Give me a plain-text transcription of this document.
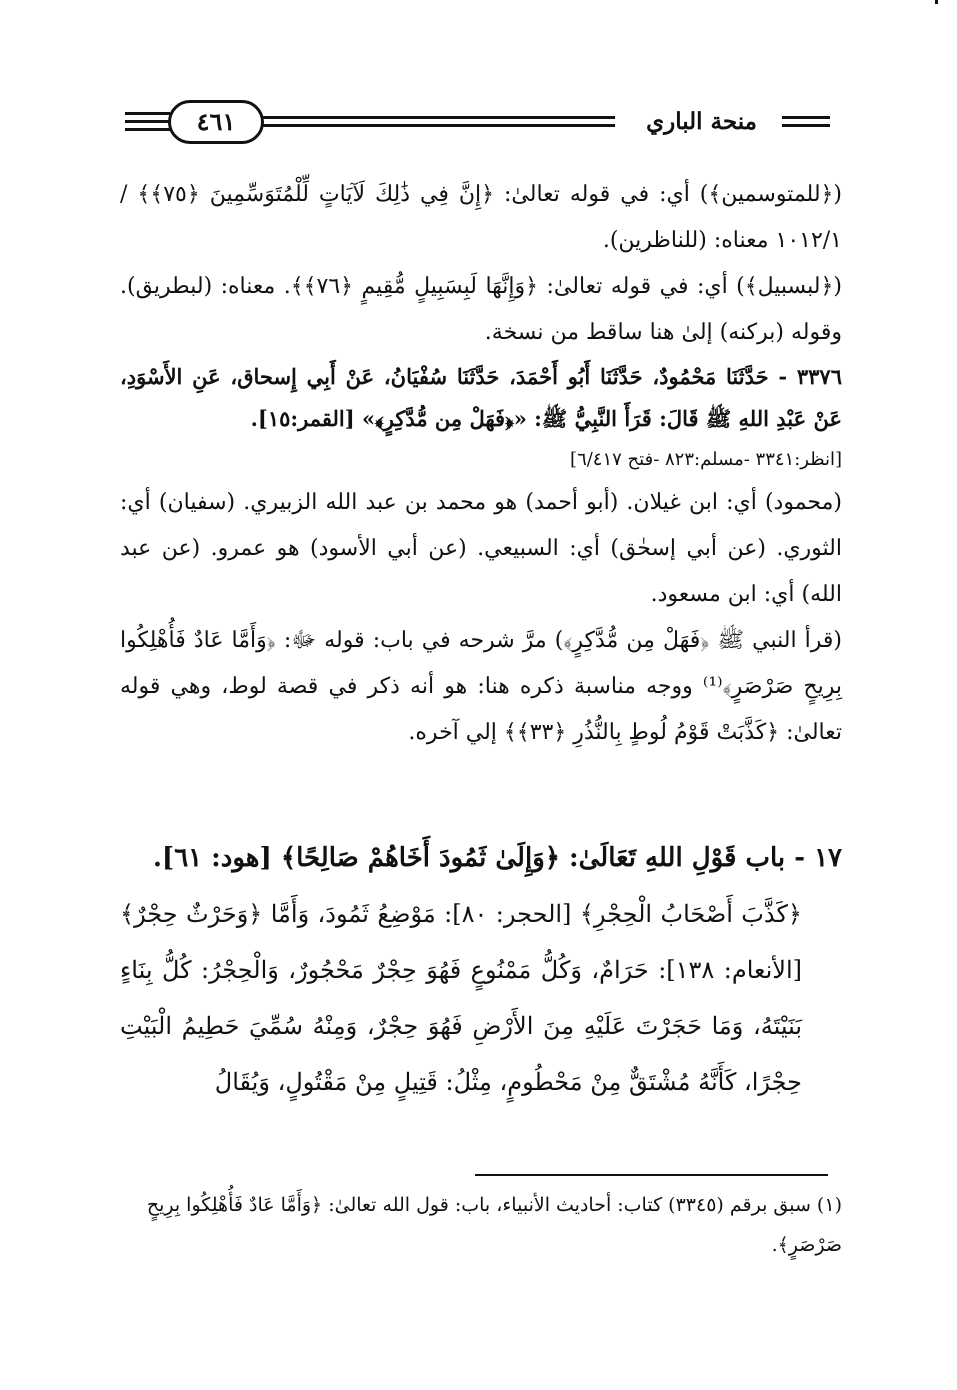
٤٦١	منحة الباري

(﴿للمتوسمين﴾) أي: في قوله تعالىٰ: ﴿إِنَّ فِي ذَٰلِكَ لَآيَاتٍ لِّلْمُتَوَسِّمِينَ ﴿٧٥﴾﴾ /١٠١٢/١ معناه: (للناظرين).

(﴿لبسبيل﴾) أي: في قوله تعالىٰ: ﴿وَإِنَّهَا لَبِسَبِيلٍ مُّقِيمٍ ﴿٧٦﴾﴾. معناه: (لبطريق). وقوله (بركنه) إلىٰ هنا ساقط من نسخة.

٣٣٧٦ - حَدَّثَنَا مَحْمُودٌ، حَدَّثَنَا أَبُو أَحْمَدَ، حَدَّثَنَا سُفْيَانُ، عَنْ أَبِي إِسحاق، عَنِ الأَسْوَدِ، عَنْ عَبْدِ اللهِ ﷺ قَالَ: قَرَأَ النَّبِيُّ ﷺ: «﴿فَهَلْ مِن مُّدَّكِرٍ﴾» [القمر:١٥].

[انظر:٣٣٤١ -مسلم:٨٢٣ -فتح ٦/٤١٧]

(محمود) أي: ابن غيلان. (أبو أحمد) هو محمد بن عبد الله الزبيري. (سفيان) أي: الثوري. (عن أبي إسحٰق) أي: السبيعي. (عن أبي الأسود) هو عمرو. (عن عبد الله) أي: ابن مسعود.

(قرأ النبي ﷺ ﴿فَهَلْ مِن مُّدَّكِرٍ﴾) مرَّ شرحه في باب: قوله ﷻ: ﴿وَأَمَّا عَادٌ فَأُهْلِكُوا بِرِيحٍ صَرْصَرٍ﴾⁽¹⁾ ووجه مناسبة ذكره هنا: هو أنه ذكر في قصة لوط، وهي قوله تعالىٰ: ﴿كَذَّبَتْ قَوْمُ لُوطٍ بِالنُّذُرِ ﴿٣٣﴾﴾ إلي آخره.

١٧ - باب قَوْلِ اللهِ تَعَالَىٰ: ﴿وَإِلَىٰ ثَمُودَ أَخَاهُمْ صَالِحًا﴾ [هود: ٦١].

﴿كَذَّبَ أَصْحَابُ الْحِجْرِ﴾ [الحجر: ٨٠]: مَوْضِعُ ثَمُودَ، وَأَمَّا ﴿وَحَرْثٌ حِجْرٌ﴾ [الأنعام: ١٣٨]: حَرَامٌ، وَكُلُّ مَمْنُوعٍ فَهُوَ حِجْرٌ مَحْجُورٌ، وَالْحِجْرُ: كُلُّ بِنَاءٍ بَنَيْتَهُ، وَمَا حَجَرْتَ عَلَيْهِ مِنَ الأَرْضِ فَهُوَ حِجْرٌ، وَمِنْهُ سُمِّيَ حَطِيمُ الْبَيْتِ حِجْرًا، كَأَنَّهُ مُشْتَقٌّ مِنْ مَحْطُومٍ، مِثْلُ: قَتِيلٍ مِنْ مَقْتُولٍ، وَيُقَالُ

(١) سبق برقم (٣٣٤٥) كتاب: أحاديث الأنبياء، باب: قول الله تعالىٰ: ﴿وَأَمَّا عَادٌ فَأُهْلِكُوا بِرِيحٍ صَرْصَرٍ﴾.
